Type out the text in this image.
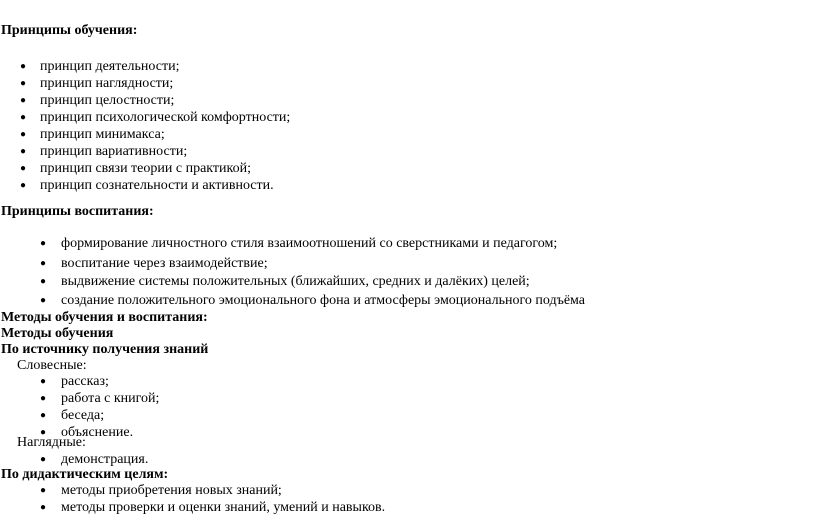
Принципы обучения:
● принцип деятельности;
● принцип наглядности;
● принцип целостности;
● принцип психологической комфортности;
● принцип минимакса;
● принцип вариативности;
● принцип связи теории с практикой;
● принцип сознательности и активности.
Принципы воспитания:
● формирование личностного стиля взаимоотношений со сверстниками и педагогом;
● воспитание через взаимодействие;
● выдвижение системы положительных (ближайших, средних и далёких) целей;
● создание положительного эмоционального фона и атмосферы эмоционального подъёма
Методы обучения и воспитания:
Методы обучения
По источнику получения знаний
Словесные:
● рассказ;
● работа с книгой;
● беседа;
● объяснение.
Наглядные:
● демонстрация.
По дидактическим целям:
● методы приобретения новых знаний;
● методы проверки и оценки знаний, умений и навыков.
